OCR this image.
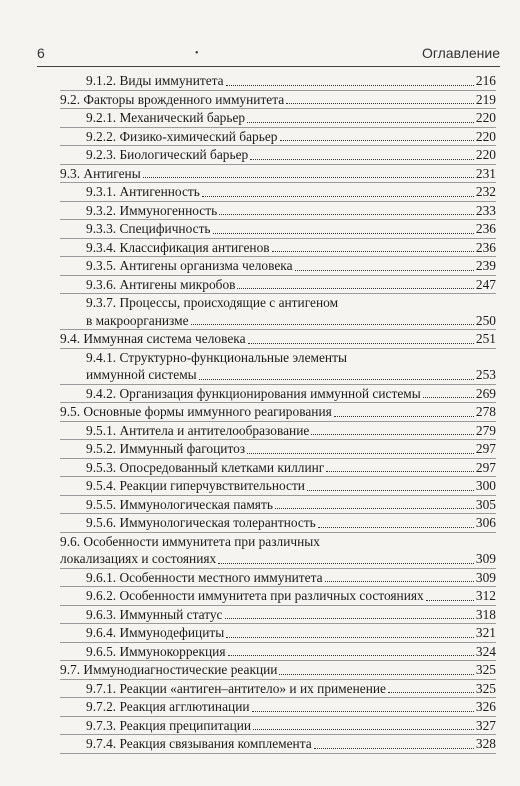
6	Оглавление
•
9.1.2. Виды иммунитета	216
9.2. Факторы врожденного иммунитета	219
9.2.1. Механический барьер	220
9.2.2. Физико-химический барьер	220
9.2.3. Биологический барьер	220
9.3. Антигены	231
9.3.1. Антигенность	232
9.3.2. Иммуногенность	233
9.3.3. Специфичность	236
9.3.4. Классификация антигенов	236
9.3.5. Антигены организма человека	239
9.3.6. Антигены микробов	247
9.3.7. Процессы, происходящие с антигеном
в макроорганизме	250
9.4. Иммунная система человека	251
9.4.1. Структурно-функциональные элементы
иммунной системы	253
9.4.2. Организация функционирования иммунной системы	269
9.5. Основные формы иммунного реагирования	278
9.5.1. Антитела и антителообразование	279
9.5.2. Иммунный фагоцитоз	297
9.5.3. Опосредованный клетками киллинг	297
9.5.4. Реакции гиперчувствительности	300
9.5.5. Иммунологическая память	305
9.5.6. Иммунологическая толерантность	306
9.6. Особенности иммунитета при различных
локализациях и состояниях	309
9.6.1. Особенности местного иммунитета	309
9.6.2. Особенности иммунитета при различных состояниях	312
9.6.3. Иммунный статус	318
9.6.4. Иммунодефициты	321
9.6.5. Иммунокоррекция	324
9.7. Иммунодиагностические реакции	325
9.7.1. Реакции «антиген–антитело» и их применение	325
9.7.2. Реакция агглютинации	326
9.7.3. Реакция преципитации	327
9.7.4. Реакция связывания комплемента	328
